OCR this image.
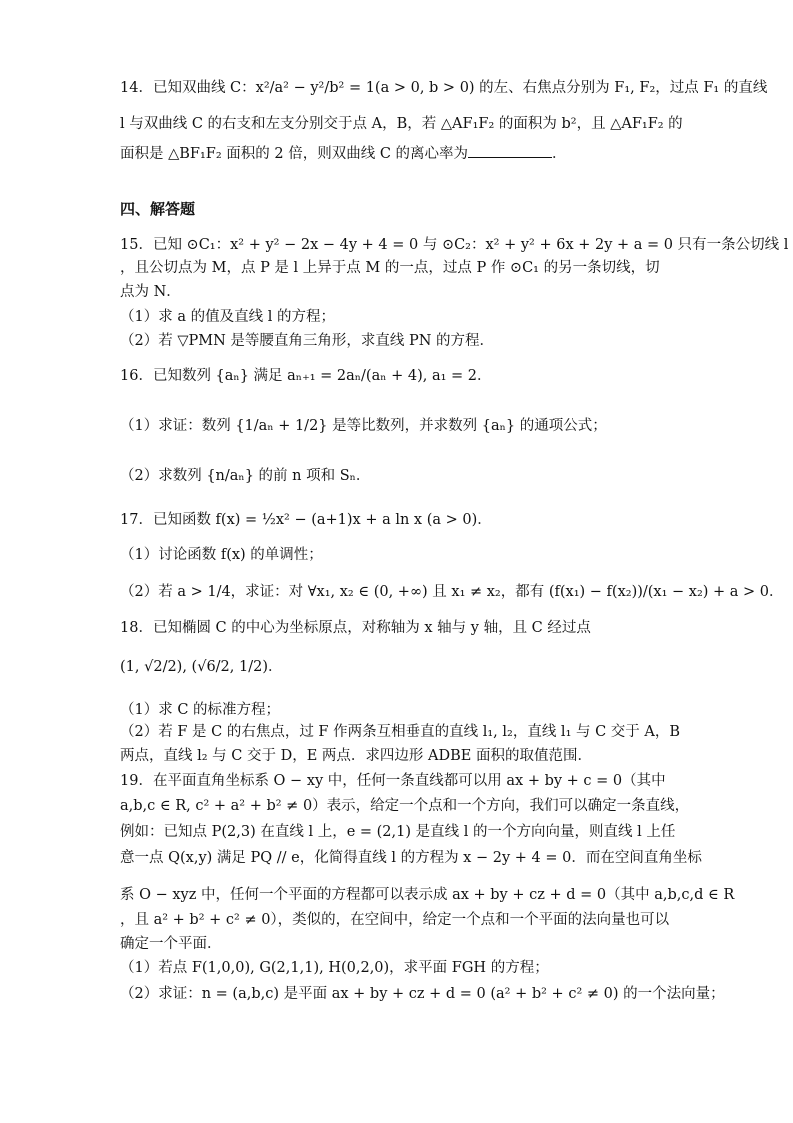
14．已知双曲线 C：x²/a² − y²/b² = 1(a > 0, b > 0) 的左、右焦点分别为 F₁, F₂，过点 F₁ 的直线
l 与双曲线 C 的右支和左支分别交于点 A，B，若 △AF₁F₂ 的面积为 b²，且 △AF₁F₂ 的
面积是 △BF₁F₂ 面积的 2 倍，则双曲线 C 的离心率为	．
四、解答题
15．已知 ⊙C₁：x² + y² − 2x − 4y + 4 = 0 与 ⊙C₂：x² + y² + 6x + 2y + a = 0 只有一条公切线 l
，且公切点为 M，点 P 是 l 上异于点 M 的一点，过点 P 作 ⊙C₁ 的另一条切线，切
点为 N．
（1）求 a 的值及直线 l 的方程；
（2）若 ▽PMN 是等腰直角三角形，求直线 PN 的方程．
16．已知数列 {aₙ} 满足 aₙ₊₁ = 2aₙ/(aₙ + 4), a₁ = 2．
（1）求证：数列 {1/aₙ + 1/2} 是等比数列，并求数列 {aₙ} 的通项公式；
（2）求数列 {n/aₙ} 的前 n 项和 Sₙ．
17．已知函数 f(x) = ½x² − (a+1)x + a ln x (a > 0)．
（1）讨论函数 f(x) 的单调性；
（2）若 a > 1/4，求证：对 ∀x₁, x₂ ∈ (0, +∞) 且 x₁ ≠ x₂，都有 (f(x₁) − f(x₂))/(x₁ − x₂) + a > 0．
18．已知椭圆 C 的中心为坐标原点，对称轴为 x 轴与 y 轴，且 C 经过点
(1, √2/2), (√6/2, 1/2)．
（1）求 C 的标准方程；
（2）若 F 是 C 的右焦点，过 F 作两条互相垂直的直线 l₁, l₂，直线 l₁ 与 C 交于 A，B
两点，直线 l₂ 与 C 交于 D，E 两点．求四边形 ADBE 面积的取值范围．
19．在平面直角坐标系 O − xy 中，任何一条直线都可以用 ax + by + c = 0（其中
a,b,c ∈ R, c² + a² + b² ≠ 0）表示，给定一个点和一个方向，我们可以确定一条直线，
例如：已知点 P(2,3) 在直线 l 上，e = (2,1) 是直线 l 的一个方向向量，则直线 l 上任
意一点 Q(x,y) 满足 PQ // e，化简得直线 l 的方程为 x − 2y + 4 = 0．而在空间直角坐标
系 O − xyz 中，任何一个平面的方程都可以表示成 ax + by + cz + d = 0（其中 a,b,c,d ∈ R
，且 a² + b² + c² ≠ 0），类似的，在空间中，给定一个点和一个平面的法向量也可以
确定一个平面．
（1）若点 F(1,0,0), G(2,1,1), H(0,2,0)，求平面 FGH 的方程；
（2）求证：n = (a,b,c) 是平面 ax + by + cz + d = 0 (a² + b² + c² ≠ 0) 的一个法向量；
